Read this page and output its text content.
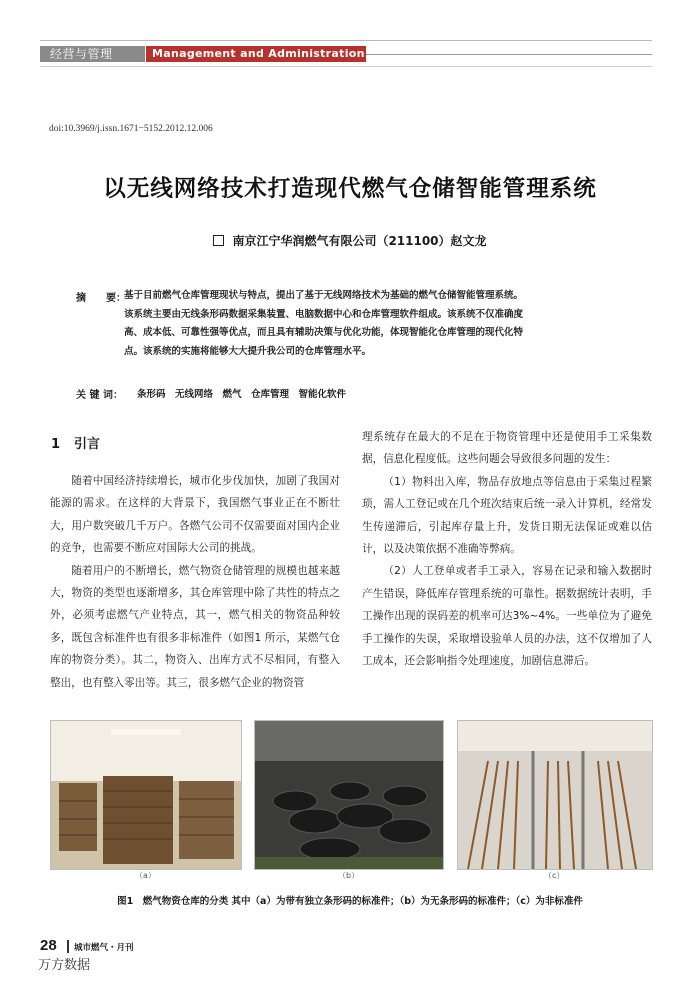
经营与管理	Management and Administration
doi:10.3969/j.issn.1671−5152.2012.12.006
以无线网络技术打造现代燃气仓储智能管理系统
南京江宁华润燃气有限公司（211100）赵文龙
摘　　要：
基于目前燃气仓库管理现状与特点，提出了基于无线网络技术为基础的燃气仓储智能管理系统。
该系统主要由无线条形码数据采集装置、电脑数据中心和仓库管理软件组成。该系统不仅准确度
高、成本低、可靠性强等优点，而且具有辅助决策与优化功能，体现智能化仓库管理的现代化特
点。该系统的实施将能够大大提升我公司的仓库管理水平。
关 键 词： 条形码　无线网络　燃气　仓库管理　智能化软件
1 引言

随着中国经济持续增长，城市化步伐加快，加剧了我国对能源的需求。在这样的大背景下，我国燃气事业正在不断壮大，用户数突破几千万户。各燃气公司不仅需要面对国内企业的竞争，也需要不断应对国际大公司的挑战。

随着用户的不断增长，燃气物资仓储管理的规模也越来越大，物资的类型也逐渐增多，其仓库管理中除了共性的特点之外，必须考虑燃气产业特点，其一，燃气相关的物资品种较多，既包含标准件也有很多非标准件（如图1 所示，某燃气仓库的物资分类）。其二，物资入、出库方式不尽相同，有整入整出，也有整入零出等。其三，很多燃气企业的物资管

理系统存在最大的不足在于物资管理中还是使用手工采集数据，信息化程度低。这些问题会导致很多问题的发生：

（1）物料出入库，物品存放地点等信息由于采集过程繁琐，需人工登记或在几个班次结束后统一录入计算机，经常发生传递滞后，引起库存量上升，发货日期无法保证或难以估计，以及决策依据不准确等弊病。

（2）人工登单或者手工录入，容易在记录和输入数据时产生错误，降低库存管理系统的可靠性。据数据统计表明，手工操作出现的误码差的机率可达3%~4%。一些单位为了避免手工操作的失误，采取增设验单人员的办法，这不仅增加了人工成本，还会影响指令处理速度，加剧信息滞后。

（a）	（b）	（c）
图1　燃气物资仓库的分类 其中（a）为带有独立条形码的标准件；（b）为无条形码的标准件；（c）为非标准件
28 城市燃气・月刊
万方数据
